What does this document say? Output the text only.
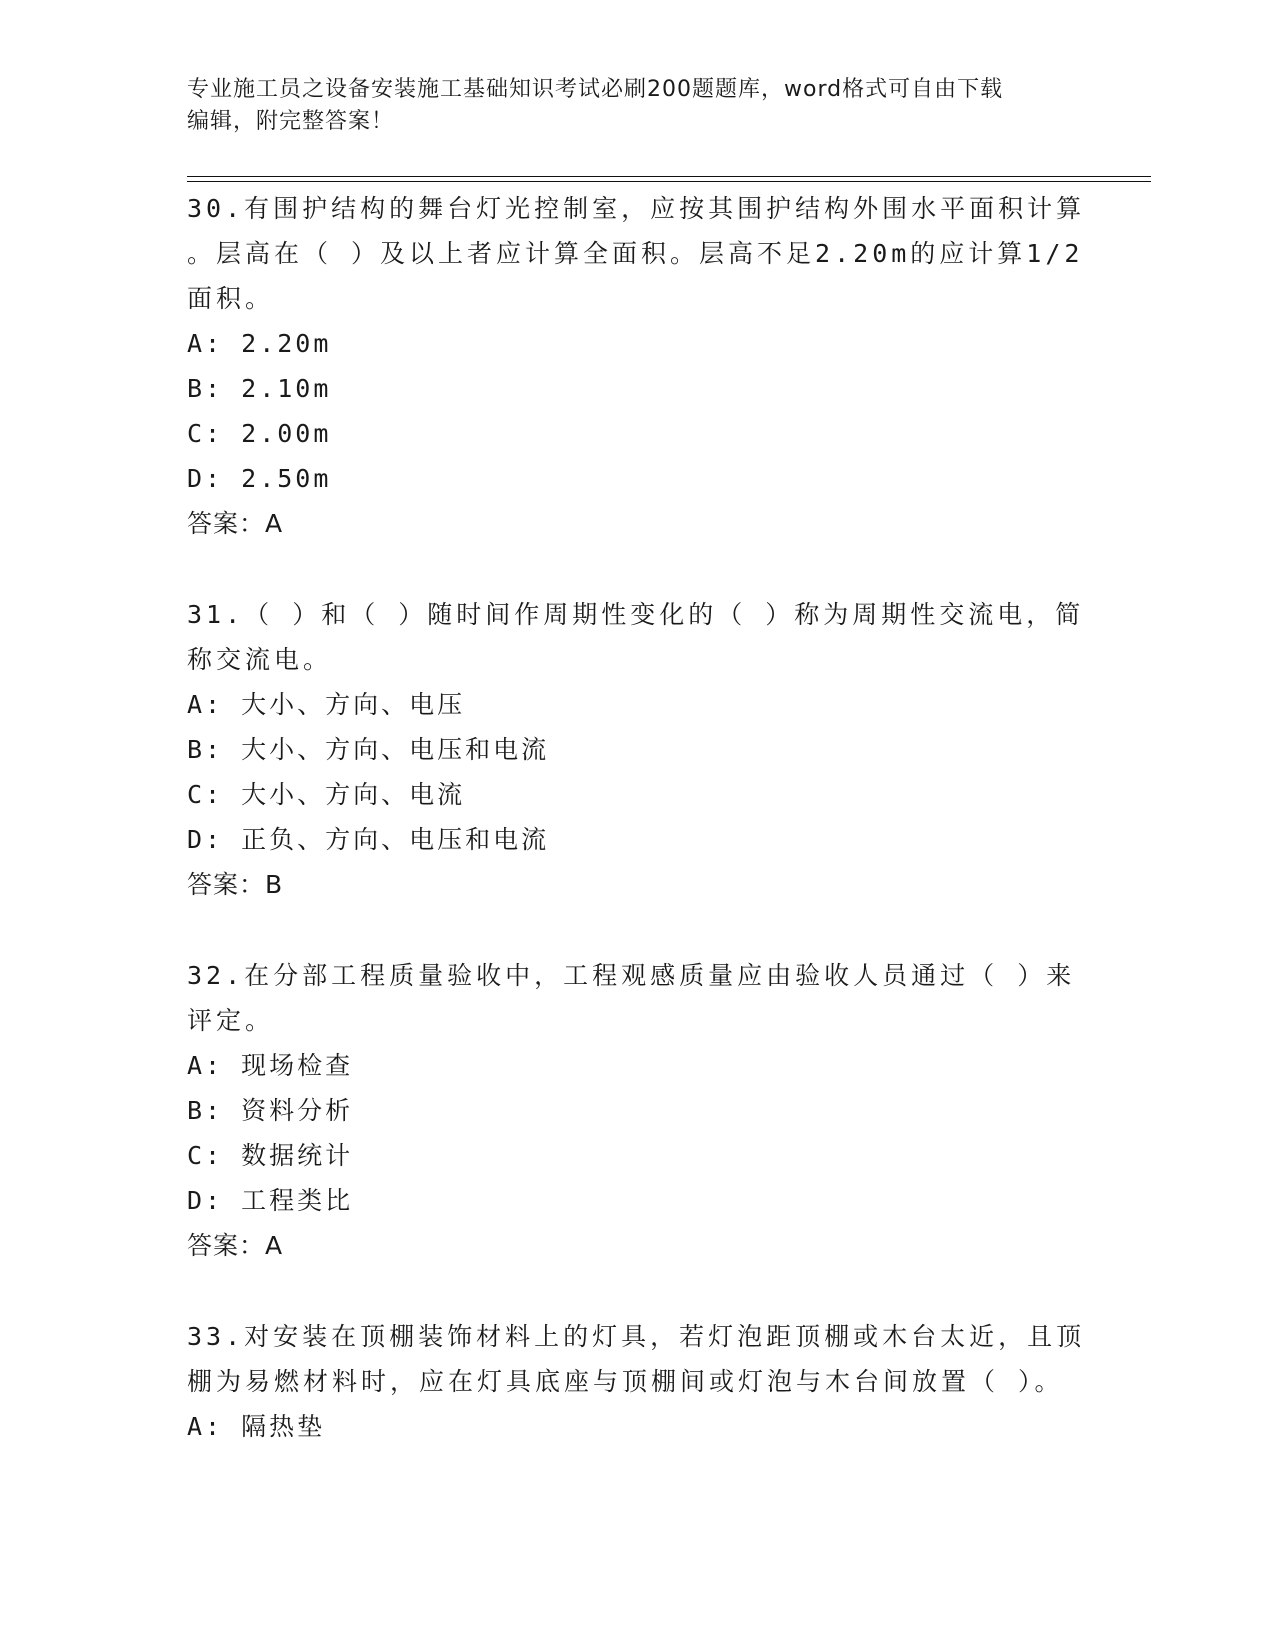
专业施工员之设备安装施工基础知识考试必刷200题题库，word格式可自由下载
编辑，附完整答案！

30.有围护结构的舞台灯光控制室，应按其围护结构外围水平面积计算

。层高在（ ）及以上者应计算全面积。层高不足2.20m的应计算1/2

面积。

A: 2.20m

B: 2.10m

C: 2.00m

D: 2.50m

答案：A

31.（ ）和（ ）随时间作周期性变化的（ ）称为周期性交流电，简

称交流电。

A: 大小、方向、电压

B: 大小、方向、电压和电流

C: 大小、方向、电流

D: 正负、方向、电压和电流

答案：B

32.在分部工程质量验收中，工程观感质量应由验收人员通过（ ）来

评定。

A: 现场检查

B: 资料分析

C: 数据统计

D: 工程类比

答案：A

33.对安装在顶棚装饰材料上的灯具，若灯泡距顶棚或木台太近，且顶

棚为易燃材料时，应在灯具底座与顶棚间或灯泡与木台间放置（ ）。

A: 隔热垫
